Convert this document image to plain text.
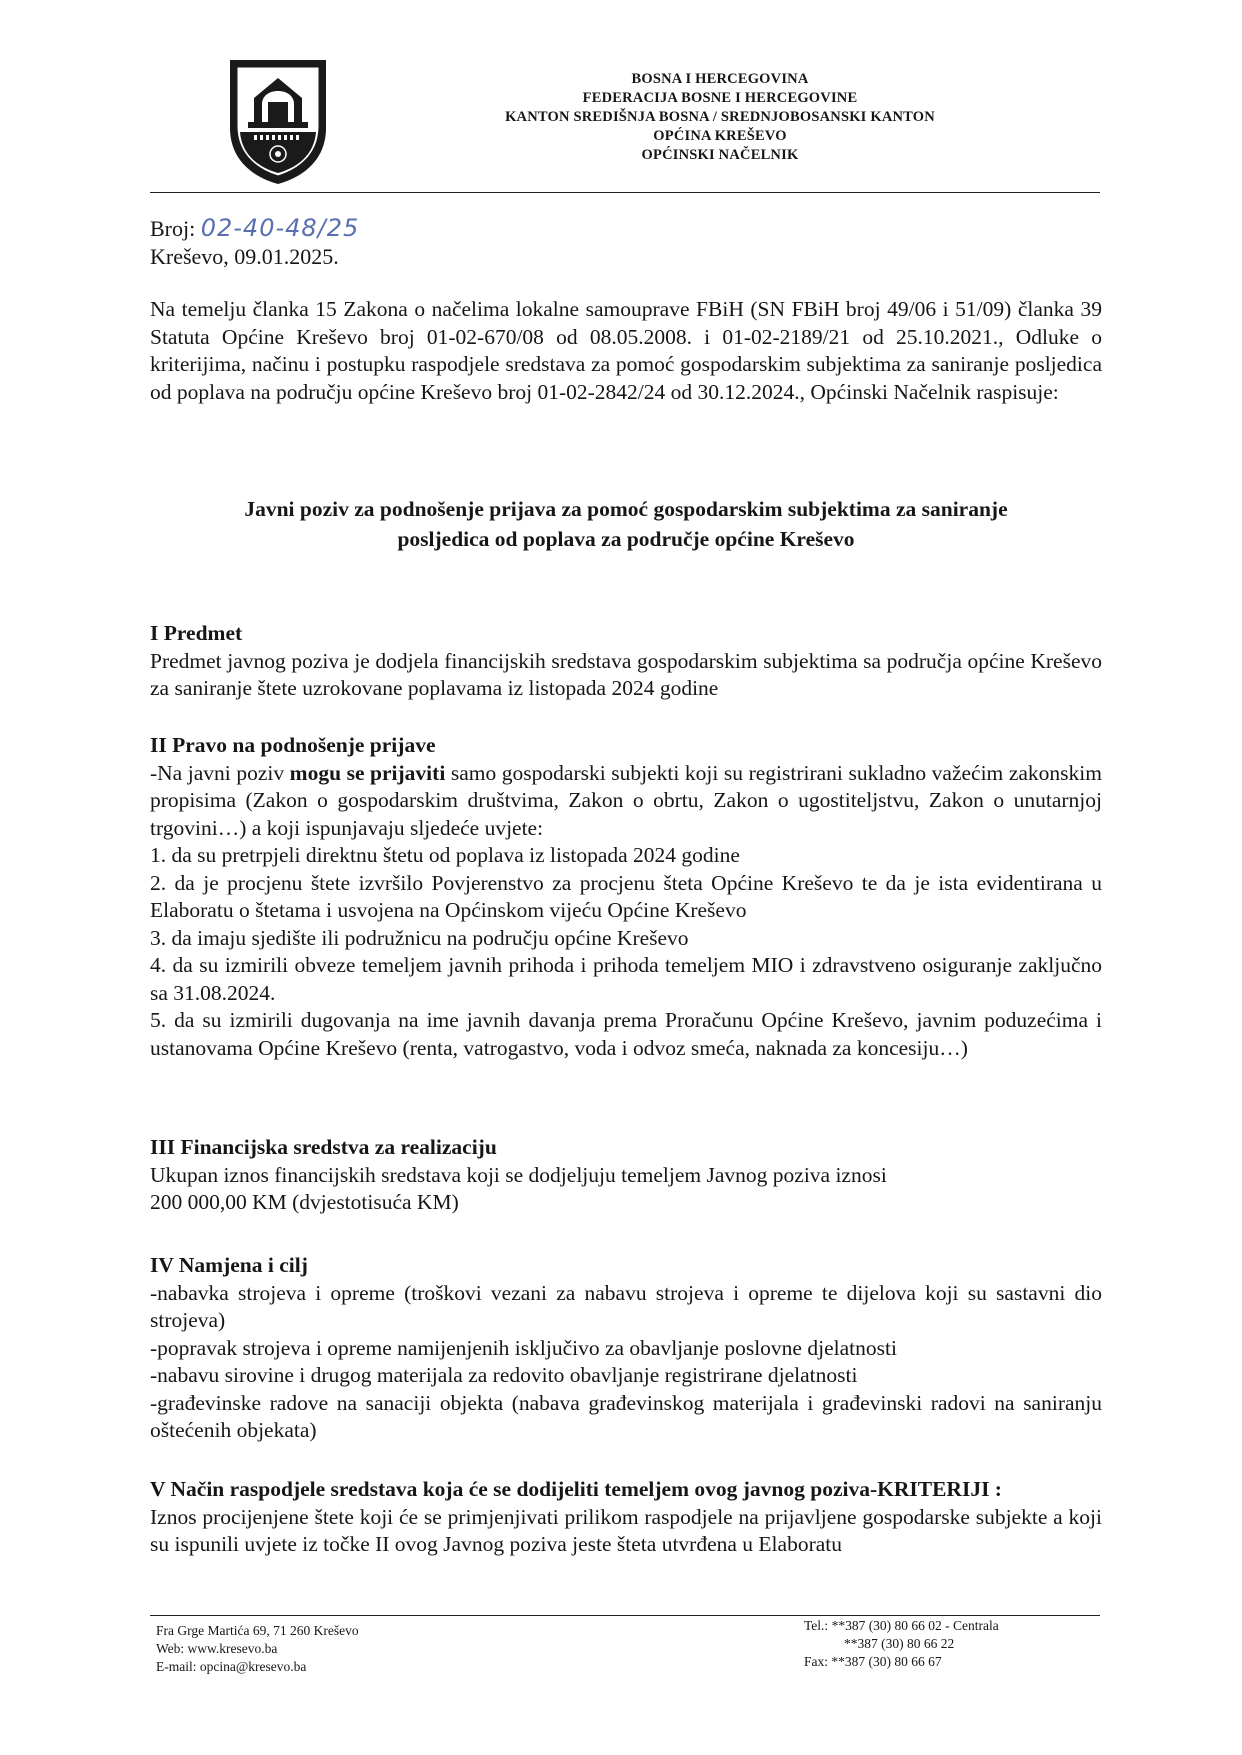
BOSNA I HERCEGOVINA
FEDERACIJA BOSNE I HERCEGOVINE
KANTON SREDIŠNJA BOSNA / SREDNJOBOSANSKI KANTON
OPĆINA KREŠEVO
OPĆINSKI NAČELNIK
Broj: 02-40-48/25
Kreševo, 09.01.2025.

Na temelju članka 15 Zakona o načelima lokalne samouprave FBiH (SN FBiH broj 49/06 i 51/09) članka 39 Statuta Općine Kreševo broj 01-02-670/08 od 08.05.2008. i 01-02-2189/21 od 25.10.2021., Odluke o kriterijima, načinu i postupku raspodjele sredstava za pomoć gospodarskim subjektima za saniranje posljedica od poplava na području općine Kreševo broj 01-02-2842/24 od 30.12.2024., Općinski Načelnik raspisuje:

Javni poziv za podnošenje prijava za pomoć gospodarskim subjektima za saniranje
posljedica od poplava za područje općine Kreševo

I Predmet

Predmet javnog poziva je dodjela financijskih sredstava gospodarskim subjektima sa područja općine Kreševo za saniranje štete uzrokovane poplavama iz listopada 2024 godine

II Pravo na podnošenje prijave

-Na javni poziv mogu se prijaviti samo gospodarski subjekti koji su registrirani sukladno važećim zakonskim propisima (Zakon o gospodarskim društvima, Zakon o obrtu, Zakon o ugostiteljstvu, Zakon o unutarnjoj trgovini…) a koji ispunjavaju sljedeće uvjete:

1. da su pretrpjeli direktnu štetu od poplava iz listopada 2024 godine

2. da je procjenu štete izvršilo Povjerenstvo za procjenu šteta Općine Kreševo te da je ista evidentirana u Elaboratu o štetama i usvojena na Općinskom vijeću Općine Kreševo

3. da imaju sjedište ili podružnicu na području općine Kreševo

4. da su izmirili obveze temeljem javnih prihoda i prihoda temeljem MIO i zdravstveno osiguranje zaključno sa 31.08.2024.

5. da su izmirili dugovanja na ime javnih davanja prema Proračunu Općine Kreševo, javnim poduzećima i ustanovama Općine Kreševo (renta, vatrogastvo, voda i odvoz smeća, naknada za koncesiju…)

III Financijska sredstva za realizaciju

Ukupan iznos financijskih sredstava koji se dodjeljuju temeljem Javnog poziva iznosi

200 000,00 KM (dvjestotisuća KM)

IV Namjena i cilj

-nabavka strojeva i opreme (troškovi vezani za nabavu strojeva i opreme te dijelova koji su sastavni dio strojeva)

-popravak strojeva i opreme namijenjenih isključivo za obavljanje poslovne djelatnosti

-nabavu sirovine i drugog materijala za redovito obavljanje registrirane djelatnosti

-građevinske radove na sanaciji objekta (nabava građevinskog materijala i građevinski radovi na saniranju oštećenih objekata)

V Način raspodjele sredstava koja će se dodijeliti temeljem ovog javnog poziva-KRITERIJI :

Iznos procijenjene štete koji će se primjenjivati prilikom raspodjele na prijavljene gospodarske subjekte a koji su ispunili uvjete iz točke II ovog Javnog poziva jeste šteta utvrđena u Elaboratu

Fra Grge Martića 69, 71 260 Kreševo
Web: www.kresevo.ba
E-mail: opcina@kresevo.ba
Tel.: **387 (30) 80 66 02 - Centrala
**387 (30) 80 66 22
Fax: **387 (30) 80 66 67
